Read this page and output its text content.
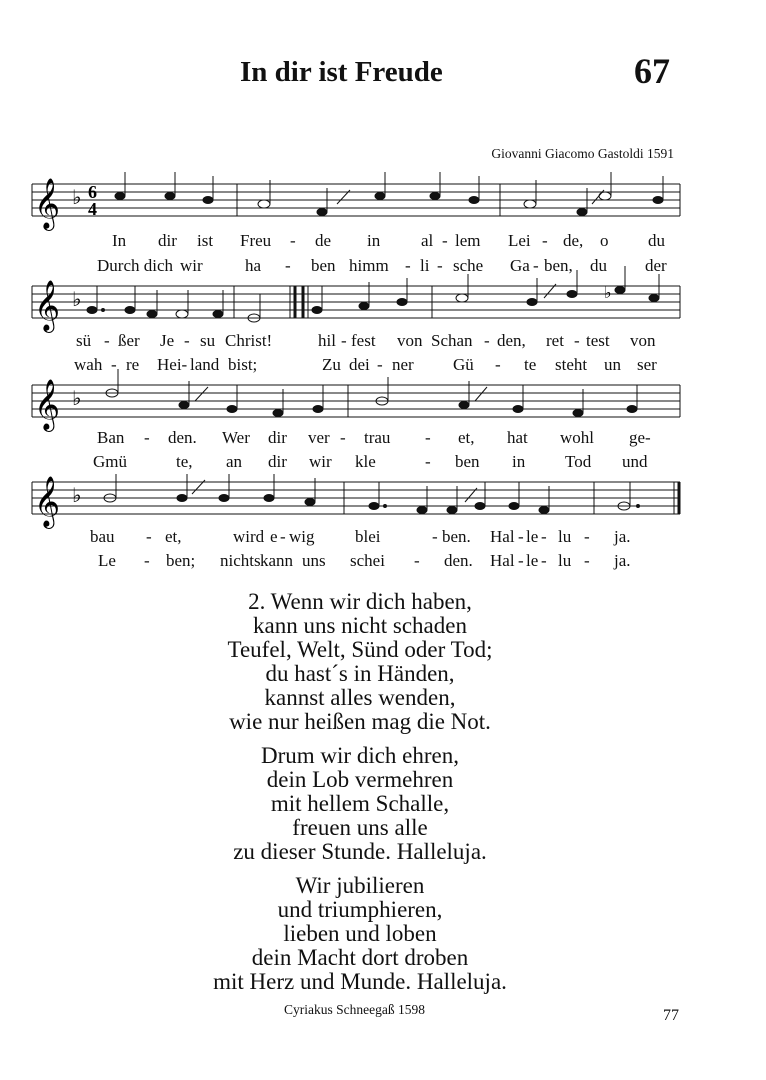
In dir ist Freude	67
Giovanni Giacomo Gastoldi 1591
𝄞 ♭ 6
4
In dir ist Freu - de in al - lem Lei - de, o du
Durch dich wir ha - ben himm - li - sche Ga - ben, du der
𝄞 ♭	♭
sü - ßer Je - su Christ!	hil - fest von Schan - den, ret - test von
wah - re Hei- land bist;	Zu dei - ner Gü - te steht un ser
𝄞 ♭
Ban - den. Wer dir ver - trau - et, hat wohl ge-
Gmü	te, an dir wir kle	- ben in Tod und
𝄞 ♭
bau - et,	wird e - wig blei	- ben. Hal - le - lu - ja.
Le - ben; nichts kann uns schei - den. Hal - le - lu - ja.
2. Wenn wir dich haben,
kann uns nicht schaden
Teufel, Welt, Sünd oder Tod;
du hast´s in Händen,
kannst alles wenden,
wie nur heißen mag die Not.
Drum wir dich ehren,
dein Lob vermehren
mit hellem Schalle,
freuen uns alle
zu dieser Stunde. Halleluja.
Wir jubilieren
und triumphieren,
lieben und loben
dein Macht dort droben
mit Herz und Munde. Halleluja.
Cyriakus Schneegaß 1598	77
